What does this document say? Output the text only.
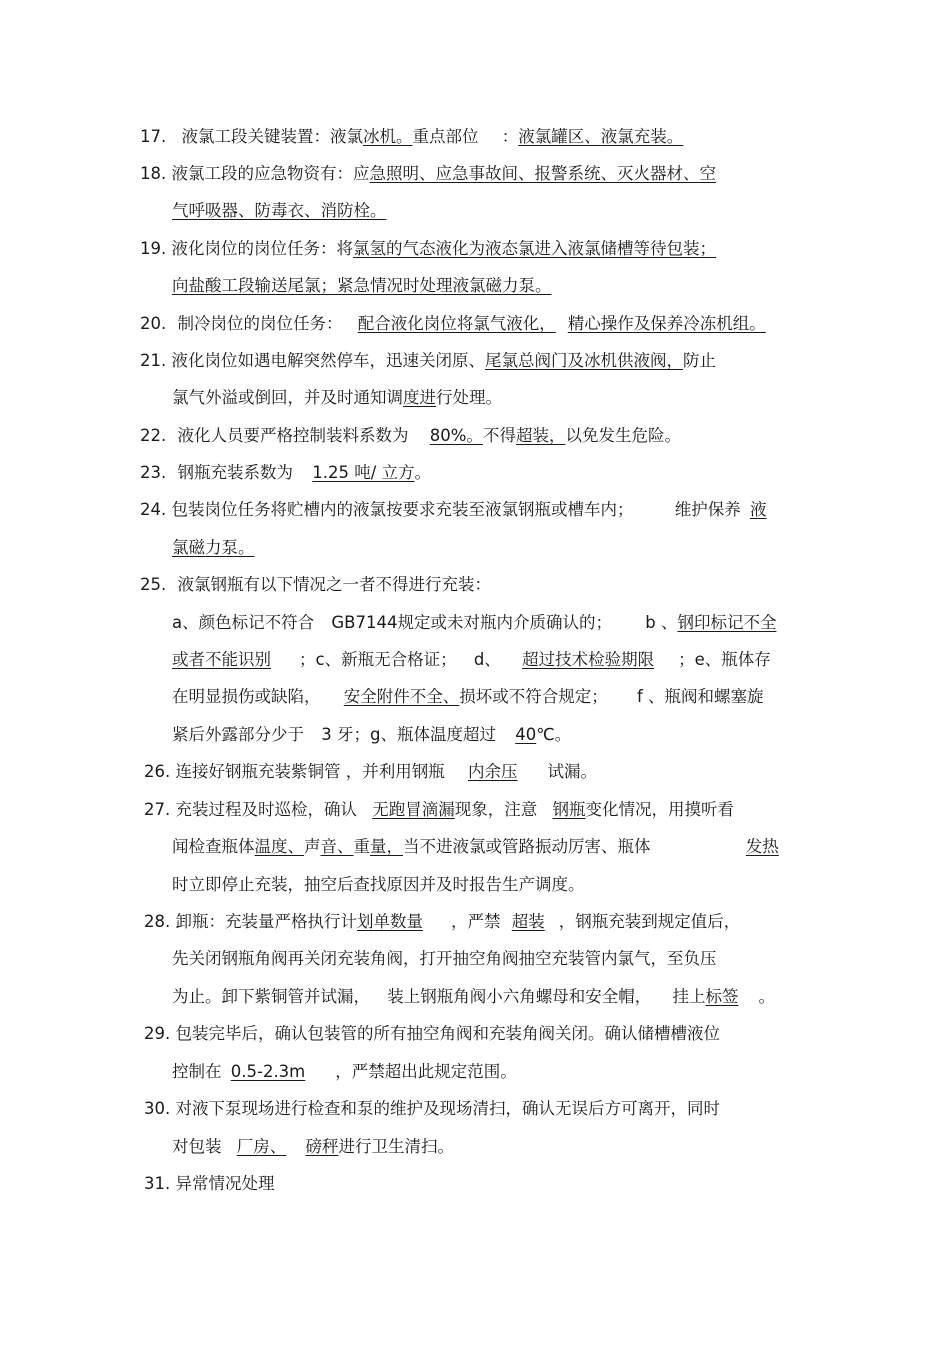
17. 液氯工段关键装置：液氯冰机。重点部位 ：液氯罐区、液氯充装。
18. 液氯工段的应急物资有：应急照明、应急事故间、报警系统、灭火器材、空
气呼吸器、防毒衣、消防栓。
19. 液化岗位的岗位任务：将氯氢的气态液化为液态氯进入液氯储槽等待包装；
向盐酸工段输送尾氯；紧急情况时处理液氯磁力泵。
20. 制冷岗位的岗位任务： 配合液化岗位将氯气液化， 精心操作及保养冷冻机组。
21. 液化岗位如遇电解突然停车，迅速关闭原、尾氯总阀门及冰机供液阀，防止
氯气外溢或倒回，并及时通知调度进行处理。
22. 液化人员要严格控制装料系数为 80%。不得超装，以免发生危险。
23. 钢瓶充装系数为 1.25 吨/ 立方。
24. 包装岗位任务将贮槽内的液氯按要求充装至液氯钢瓶或槽车内；	维护保养 液
氯磁力泵。
25. 液氯钢瓶有以下情况之一者不得进行充装：
a、颜色标记不符合 GB7144规定或未对瓶内介质确认的； b 、钢印标记不全
或者不能识别 ；c、新瓶无合格证； d、 超过技术检验期限 ；e、瓶体存
在明显损伤或缺陷， 安全附件不全、损坏或不符合规定； f 、瓶阀和螺塞旋
紧后外露部分少于 3 牙；g、瓶体温度超过 40℃。
26. 连接好钢瓶充装紫铜管 ，并利用钢瓶 内余压 试漏。
27. 充装过程及时巡检，确认 无跑冒滴漏现象，注意 钢瓶变化情况，用摸听看
闻检查瓶体温度、声音、重量，当不进液氯或管路振动厉害、瓶体	发热
时立即停止充装，抽空后查找原因并及时报告生产调度。
28. 卸瓶：充装量严格执行计划单数量 ，严禁 超装 ，钢瓶充装到规定值后，
先关闭钢瓶角阀再关闭充装角阀，打开抽空角阀抽空充装管内氯气，至负压
为止。卸下紫铜管并试漏， 装上钢瓶角阀小六角螺母和安全帽， 挂上标签 。
29. 包装完毕后，确认包装管的所有抽空角阀和充装角阀关闭。确认储槽槽液位
控制在 0.5-2.3m ，严禁超出此规定范围。
30. 对液下泵现场进行检查和泵的维护及现场清扫，确认无误后方可离开，同时
对包装 厂房、 磅秤进行卫生清扫。
31. 异常情况处理
